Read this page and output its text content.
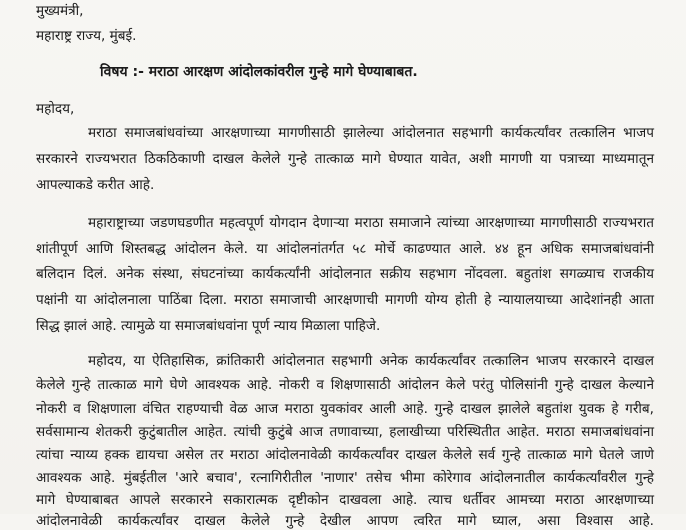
मुख्यमंत्री,
महाराष्ट्र राज्य, मुंबई.
विषय :- मराठा आरक्षण आंदोलकांवरील गुन्हे मागे घेण्याबाबत.
महोदय,
मराठा समाजबांधवांच्या आरक्षणाच्या मागणीसाठी झालेल्या आंदोलनात सहभागी कार्यकर्त्यांवर तत्कालिन भाजप
सरकारने राज्यभरात ठिकठिकाणी दाखल केलेले गुन्हे तात्काळ मागे घेण्यात यावेत, अशी मागणी या पत्राच्या माध्यमातून
आपल्याकडे करीत आहे.
महाराष्ट्राच्या जडणघडणीत महत्वपूर्ण योगदान देणाऱ्या मराठा समाजाने त्यांच्या आरक्षणाच्या मागणीसाठी राज्यभरात
शांतीपूर्ण आणि शिस्तबद्ध आंदोलन केले. या आंदोलनांतर्गत ५८ मोर्चे काढण्यात आले. ४४ हून अधिक समाजबांधवांनी
बलिदान दिलं. अनेक संस्था, संघटनांच्या कार्यकर्त्यांनी आंदोलनात सक्रीय सहभाग नोंदवला. बहुतांश सगळ्याच राजकीय
पक्षांनी या आंदोलनाला पाठिंबा दिला. मराठा समाजाची आरक्षणाची मागणी योग्य होती हे न्यायालयाच्या आदेशांनही आता
सिद्ध झालं आहे. त्यामुळे या समाजबांधवांना पूर्ण न्याय मिळाला पाहिजे.
महोदय, या ऐतिहासिक, क्रांतिकारी आंदोलनात सहभागी अनेक कार्यकर्त्यांवर तत्कालिन भाजप सरकारने दाखल
केलेले गुन्हे तात्काळ मागे घेणे आवश्यक आहे. नोकरी व शिक्षणासाठी आंदोलन केले परंतु पोलिसांनी गुन्हे दाखल केल्याने
नोकरी व शिक्षणाला वंचित राहण्याची वेळ आज मराठा युवकांवर आली आहे. गुन्हे दाखल झालेले बहुतांश युवक हे गरीब,
सर्वसामान्य शेतकरी कुटुंबातील आहेत. त्यांची कुटुंबे आज तणावाच्या, हलाखीच्या परिस्थितीत आहेत. मराठा समाजबांधवांना
त्यांचा न्याय्य हक्क द्यायचा असेल तर मराठा आंदोलनावेळी कार्यकर्त्यांवर दाखल केलेले सर्व गुन्हे तात्काळ मागे घेतले जाणे
आवश्यक आहे. मुंबईतील 'आरे बचाव', रत्नागिरीतील 'नाणार' तसेच भीमा कोरेगाव आंदोलनातील कार्यकर्त्यांवरील गुन्हे
मागे घेण्याबाबत आपले सरकारने सकारात्मक दृष्टीकोन दाखवला आहे. त्याच धर्तीवर आमच्या मराठा आरक्षणाच्या
आंदोलनावेळी कार्यकर्त्यांवर दाखल केलेले गुन्हे देखील आपण त्वरित मागे घ्याल, असा विश्वास आहे.
